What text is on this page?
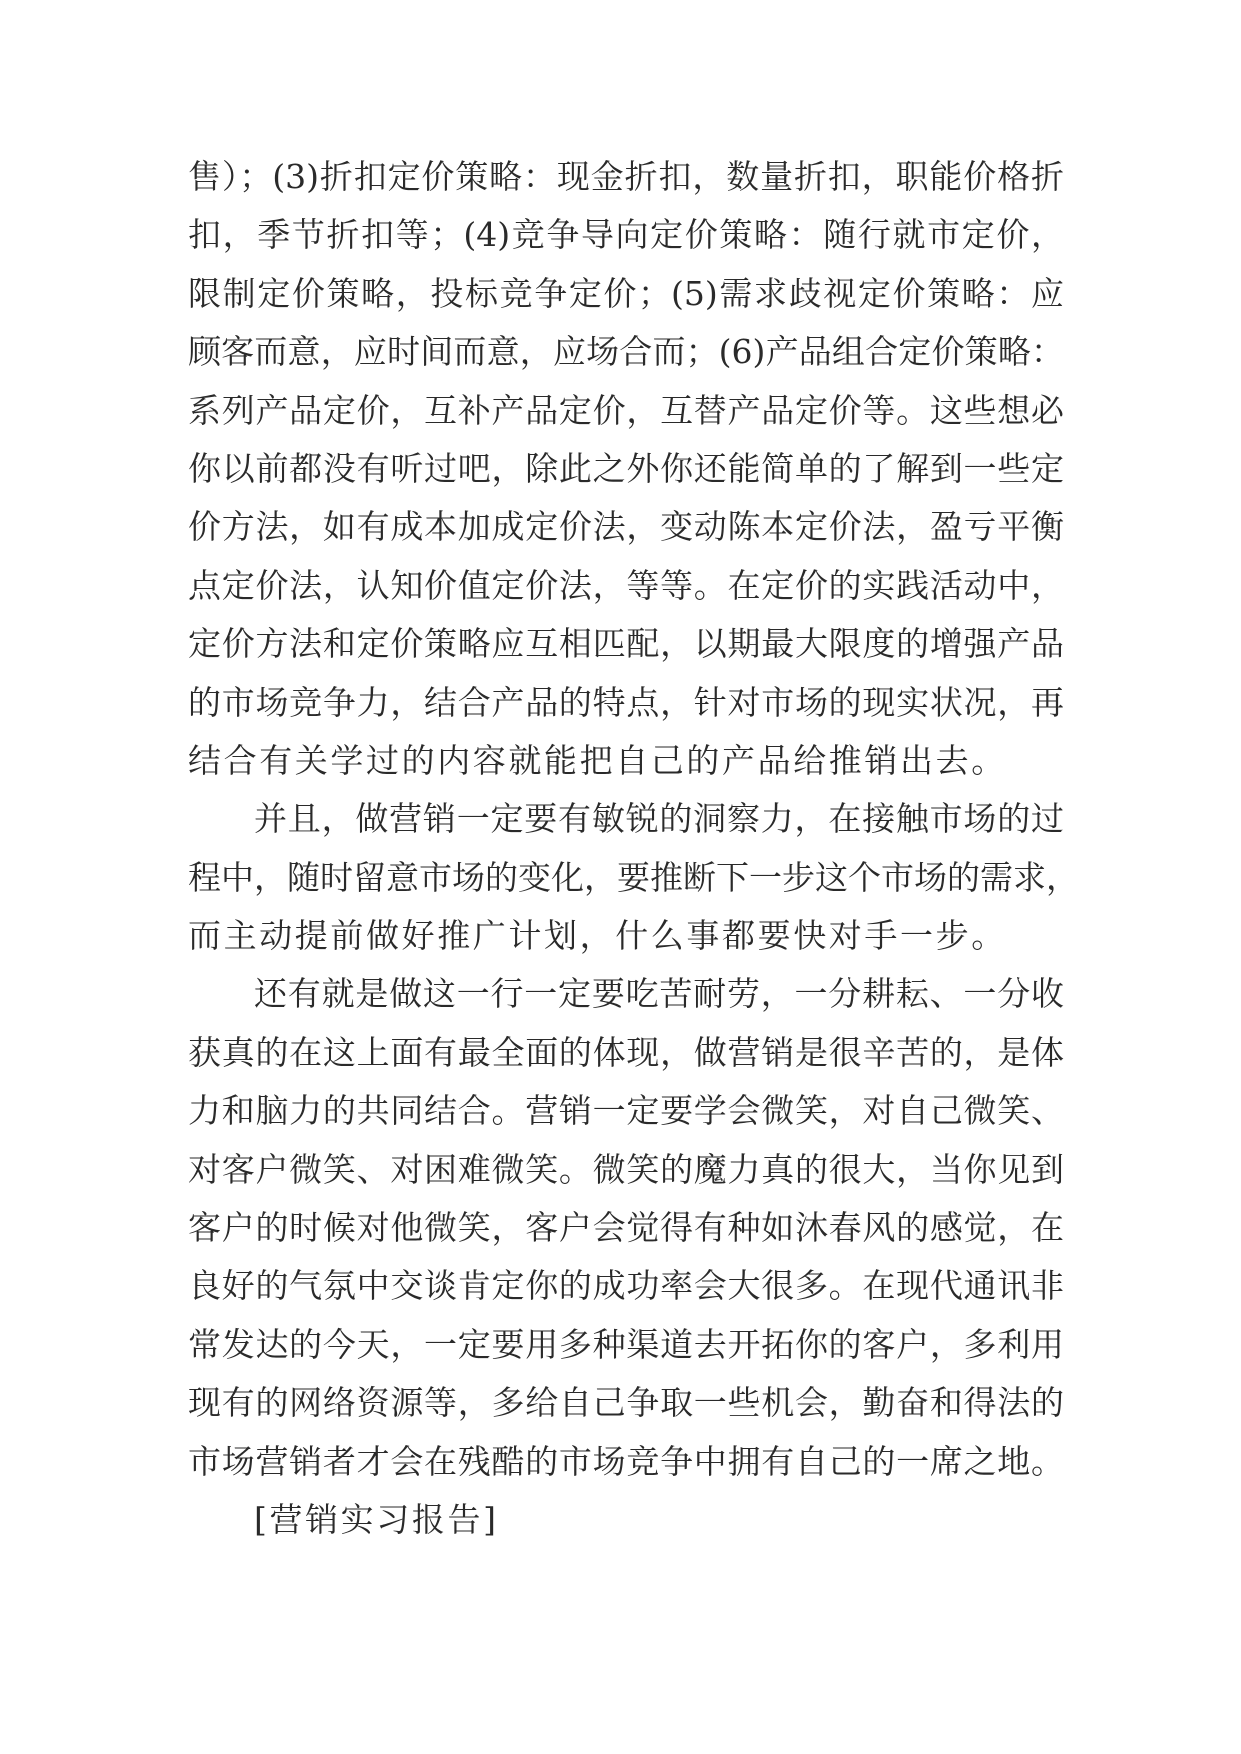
售）；(3)折扣定价策略：现金折扣，数量折扣，职能价格折
扣，季节折扣等；(4)竞争导向定价策略：随行就市定价，
限制定价策略，投标竞争定价；(5)需求歧视定价策略：应
顾客而意，应时间而意，应场合而；(6)产品组合定价策略：
系列产品定价，互补产品定价，互替产品定价等。这些想必
你以前都没有听过吧，除此之外你还能简单的了解到一些定
价方法，如有成本加成定价法，变动陈本定价法，盈亏平衡
点定价法，认知价值定价法，等等。在定价的实践活动中，
定价方法和定价策略应互相匹配，以期最大限度的增强产品
的市场竞争力，结合产品的特点，针对市场的现实状况，再
结合有关学过的内容就能把自己的产品给推销出去。
并且，做营销一定要有敏锐的洞察力，在接触市场的过
程中，随时留意市场的变化，要推断下一步这个市场的需求，
而主动提前做好推广计划，什么事都要快对手一步。
还有就是做这一行一定要吃苦耐劳，一分耕耘、一分收
获真的在这上面有最全面的体现，做营销是很辛苦的，是体
力和脑力的共同结合。营销一定要学会微笑，对自己微笑、
对客户微笑、对困难微笑。微笑的魔力真的很大，当你见到
客户的时候对他微笑，客户会觉得有种如沐春风的感觉，在
良好的气氛中交谈肯定你的成功率会大很多。在现代通讯非
常发达的今天，一定要用多种渠道去开拓你的客户，多利用
现有的网络资源等，多给自己争取一些机会，勤奋和得法的
市场营销者才会在残酷的市场竞争中拥有自己的一席之地。
[营销实习报告]
